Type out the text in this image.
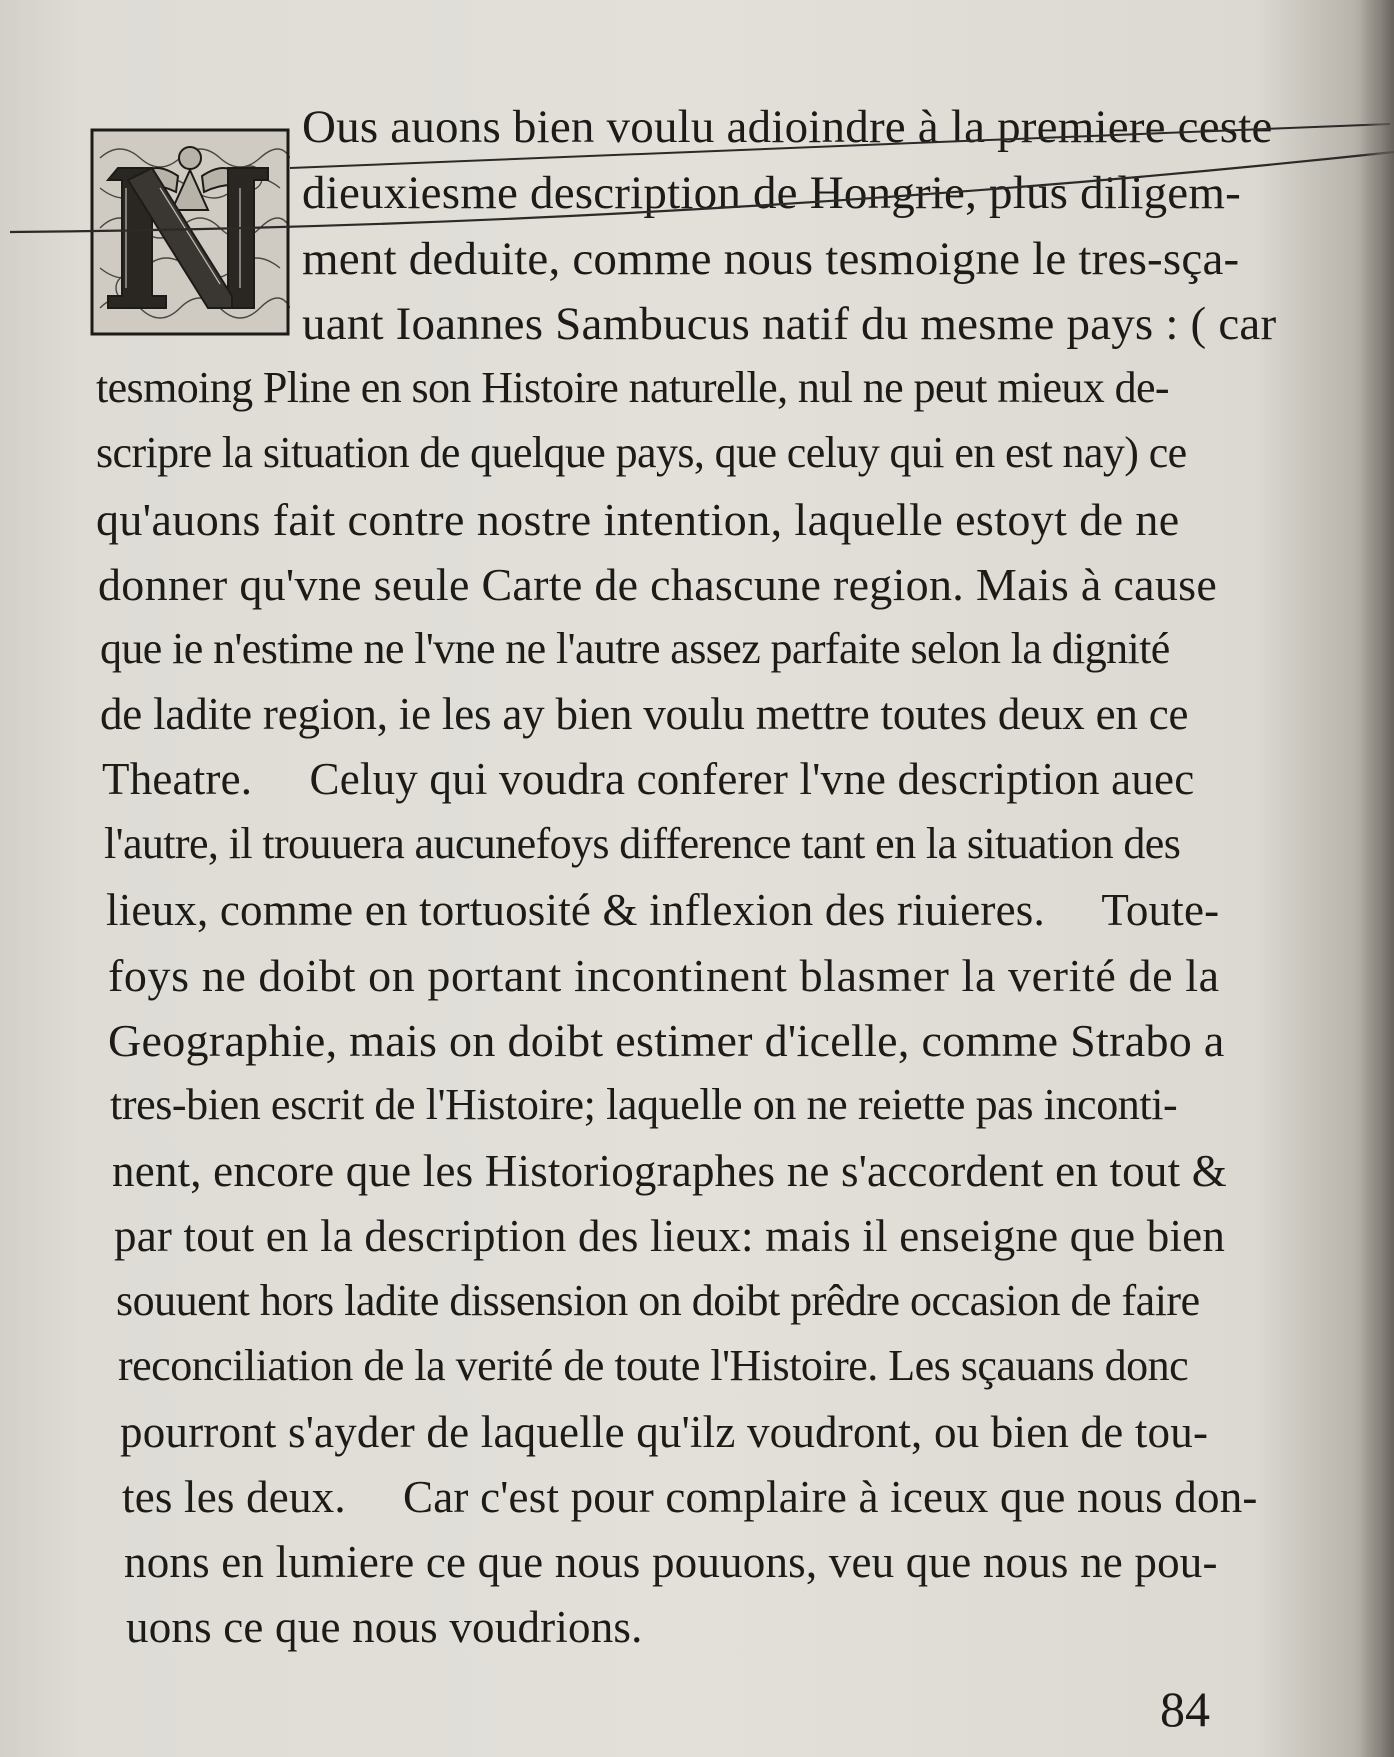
Ous auons bien voulu adioindre à la premiere ceste
dieuxiesme description de Hongrie, plus diligem-
ment deduite, comme nous tesmoigne le tres-sça-
uant Ioannes Sambucus natif du mesme pays : ( car
tesmoing Pline en son Histoire naturelle, nul ne peut mieux de-
scripre la situation de quelque pays, que celuy qui en est nay) ce
qu'auons fait contre nostre intention, laquelle estoyt de ne
donner qu'vne seule Carte de chascune region. Mais à cause
que ie n'estime ne l'vne ne l'autre assez parfaite selon la dignité
de ladite region, ie les ay bien voulu mettre toutes deux en ce
Theatre.     Celuy qui voudra conferer l'vne description auec
l'autre, il trouuera aucunefoys difference tant en la situation des
lieux, comme en tortuosité & inflexion des riuieres.     Toute-
foys ne doibt on portant incontinent blasmer la verité de la
Geographie, mais on doibt estimer d'icelle, comme Strabo a
tres-bien escrit de l'Histoire; laquelle on ne reiette pas inconti-
nent, encore que les Historiographes ne s'accordent en tout &
par tout en la description des lieux: mais il enseigne que bien
souuent hors ladite dissension on doibt prêdre occasion de faire
reconciliation de la verité de toute l'Histoire. Les sçauans donc
pourront s'ayder de laquelle qu'ilz voudront, ou bien de tou-
tes les deux.     Car c'est pour complaire à iceux que nous don-
nons en lumiere ce que nous pouuons, veu que nous ne pou-
uons ce que nous voudrions.
84
